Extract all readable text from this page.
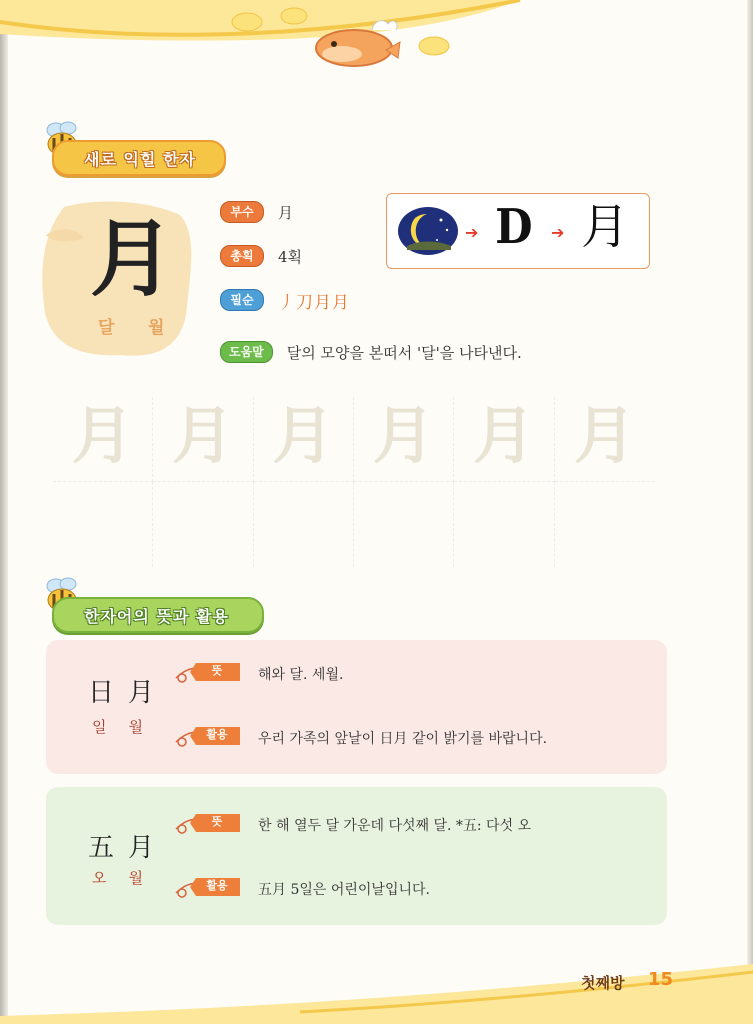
새로 익힐 한자
月
달 월
부수	月
총획	4획
필순	丿刀月月
도움말	달의 모양을 본떠서 '달'을 나타낸다.
➔ D ➔ 月
月 月 月 月 月 月
한자어의 뜻과 활용
日月
일월
뜻	해와 달. 세월.
활용	우리 가족의 앞날이 日月 같이 밝기를 바랍니다.
五月
오월
뜻	한 해 열두 달 가운데 다섯째 달. *五: 다섯 오
활용	五月 5일은 어린이날입니다.
첫째방 15
